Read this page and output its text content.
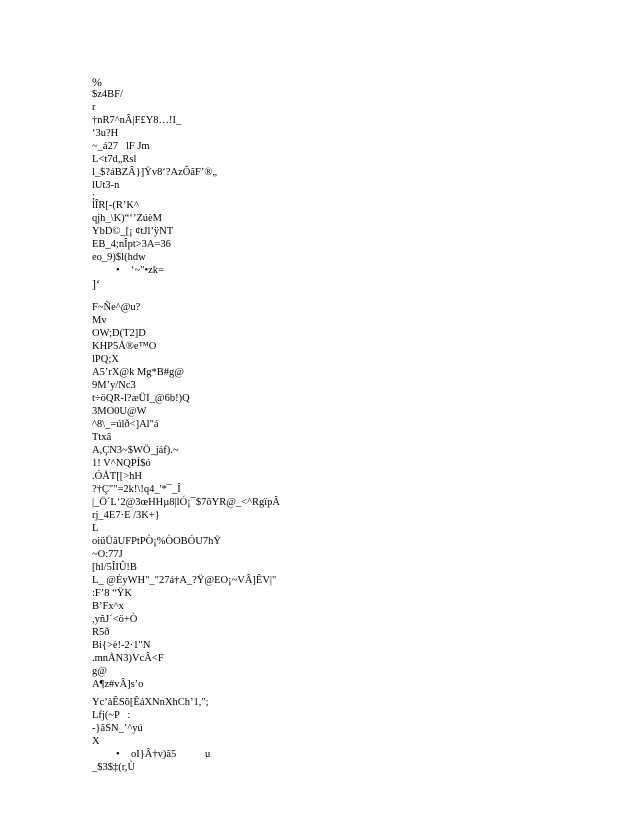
%
$z4BF/
r
†nR7^nÂ|F£Y8…!I_
‘3u?H
~_á27   lF Jm
L<t7d„Rsl
l_$?áBZÂ}]Ÿv8‘?AzÔãF’®„
lUt3-n
;
lÎR[-(R’K^
qjh_\K)“‘’ZúèM
YbD©_[¡ ¢tJl’ÿNT
EB_4;nÎpt>3A=36
eo_9)$l(hdw
• ‘~"•zk=
]‘
F~Ñe^@u?
Mv
OW;D(T2]D
KHP5Å®e™O
lPQ;X
A5’rX@k Mg*B#g@
9M’y/Nc3
t÷öQR-l?æÜI_@6b!)Q
3MO0U@W
^8\_=úlð<]Al"á
Ttxã
A,ÇN3~$WÖ_jáf).~
1! V^NQPÍ$ó
.ÓÅT[[>hH
?†Ç""=2k!\!q4_'*¯_Î
|_Ö´L‘2@3œHHµ8|lÓ¡¯$7õYR@_<^RgïpÂ
rj_4E7·E /3K+}
L
oiüÜãUFPtPÒ¡%ÒOBÓU7hŸ
~O:77J
[hl/5ÎIÛ!B
L_ @ÈyWH"_"27á†A_?Ÿ@EO¡~VÂ]ÊV|"
:F’8 “ŸK
B’Fx^x
,yñJ´<ö+Ò
R5ð
Bi{>è!-2·1"N
.mnÅN3)VcÂ<F
g@
A¶z#vÂ]s’o
Yc’àÊSõ[ÊáXNnXhCh’1,";
Lfj(~P   :
-}ãSN_’^yú
X
• oI}Â†v)ã5	u
_$3$‡(r,Ù
